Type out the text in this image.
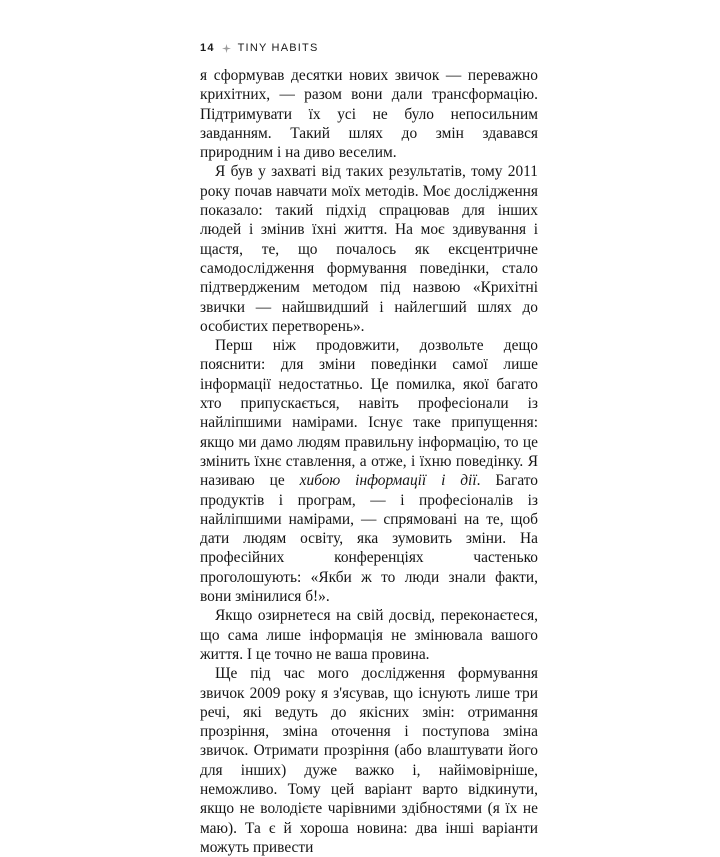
14 TINY HABITS

я сформував десятки нових звичок — переважно крихітних, — разом вони дали трансформацію. Підтримувати їх усі не було непосильним завданням. Такий шлях до змін здавався природним і на диво веселим.

Я був у захваті від таких результатів, тому 2011 року почав навчати моїх методів. Моє дослідження показало: такий підхід спрацював для інших людей і змінив їхні життя. На моє здивування і щастя, те, що почалось як ексцентричне самодослідження формування поведінки, стало підтвердженим методом під назвою «Крихітні звички — найшвидший і найлегший шлях до особистих перетворень».

Перш ніж продовжити, дозвольте дещо пояснити: для зміни поведінки самої лише інформації недостатньо. Це помилка, якої багато хто припускається, навіть професіонали із найліпшими намірами. Існує таке припущення: якщо ми дамо людям правильну інформацію, то це змінить їхнє ставлення, а отже, і їхню поведінку. Я називаю це хибою інформації і дії. Багато продуктів і програм, — і професіоналів із найліпшими намірами, — спрямовані на те, щоб дати людям освіту, яка зумовить зміни. На професійних конференціях частенько проголошують: «Якби ж то люди знали факти, вони змінилися б!».

Якщо озирнетеся на свій досвід, переконаєтеся, що сама лише інформація не змінювала вашого життя. І це точно не ваша провина.

Ще під час мого дослідження формування звичок 2009 року я з'ясував, що існують лише три речі, які ведуть до якісних змін: отримання прозріння, зміна оточення і поступова зміна звичок. Отримати прозріння (або влаштувати його для інших) дуже важко і, найімовірніше, неможливо. Тому цей варіант варто відкинути, якщо не володієте чарівними здібностями (я їх не маю). Та є й хороша новина: два інші варіанти можуть привести
